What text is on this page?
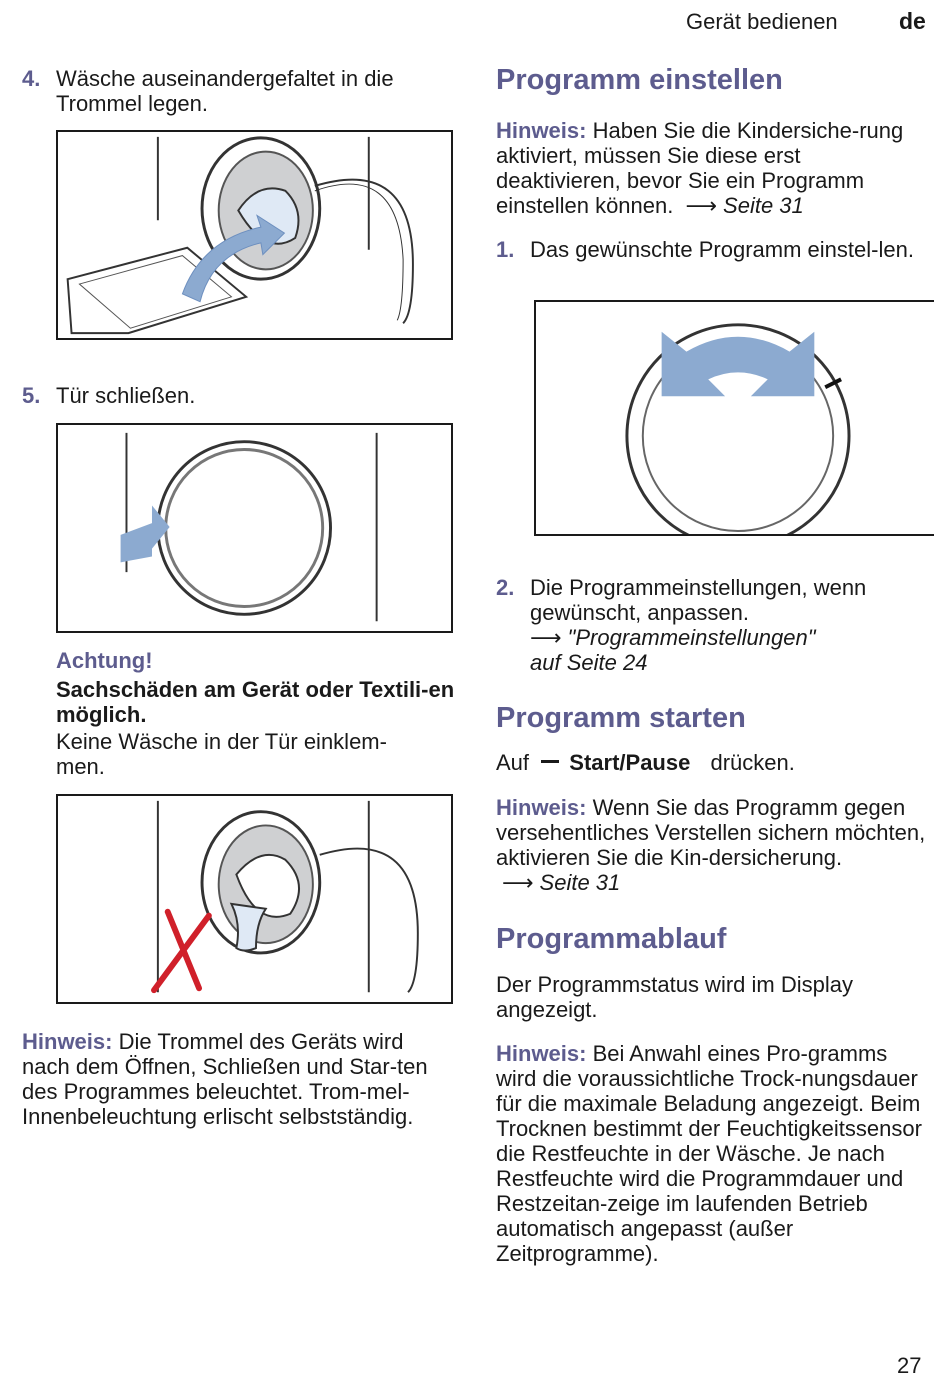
Gerät bedienen	de
4. Wäsche auseinandergefaltet in die Trommel legen.
5. Tür schließen.
Achtung!
Sachschäden am Gerät oder Textili-en möglich.
Keine Wäsche in der Tür einklem-men.
Hinweis: Die Trommel des Geräts wird nach dem Öffnen, Schließen und Star-ten des Programmes beleuchtet. Trom-mel-Innenbeleuchtung erlischt selbstständig.
Programm einstellen
Hinweis: Haben Sie die Kindersiche-rung aktiviert, müssen Sie diese erst deaktivieren, bevor Sie ein Programm einstellen können. ⟶ Seite 31
1. Das gewünschte Programm einstel-len.
2. Die Programmeinstellungen, wenn gewünscht, anpassen.
⟶ "Programmeinstellungen"
auf Seite 24
Programm starten
Auf Start/Pause drücken.
Hinweis: Wenn Sie das Programm gegen versehentliches Verstellen sichern möchten, aktivieren Sie die Kin-dersicherung. ⟶ Seite 31
Programmablauf
Der Programmstatus wird im Display angezeigt.
Hinweis: Bei Anwahl eines Pro-gramms wird die voraussichtliche Trock-nungsdauer für die maximale Beladung angezeigt. Beim Trocknen bestimmt der Feuchtigkeitssensor die Restfeuchte in der Wäsche. Je nach Restfeuchte wird die Programmdauer und Restzeitan-zeige im laufenden Betrieb automatisch angepasst (außer Zeitprogramme).
27
